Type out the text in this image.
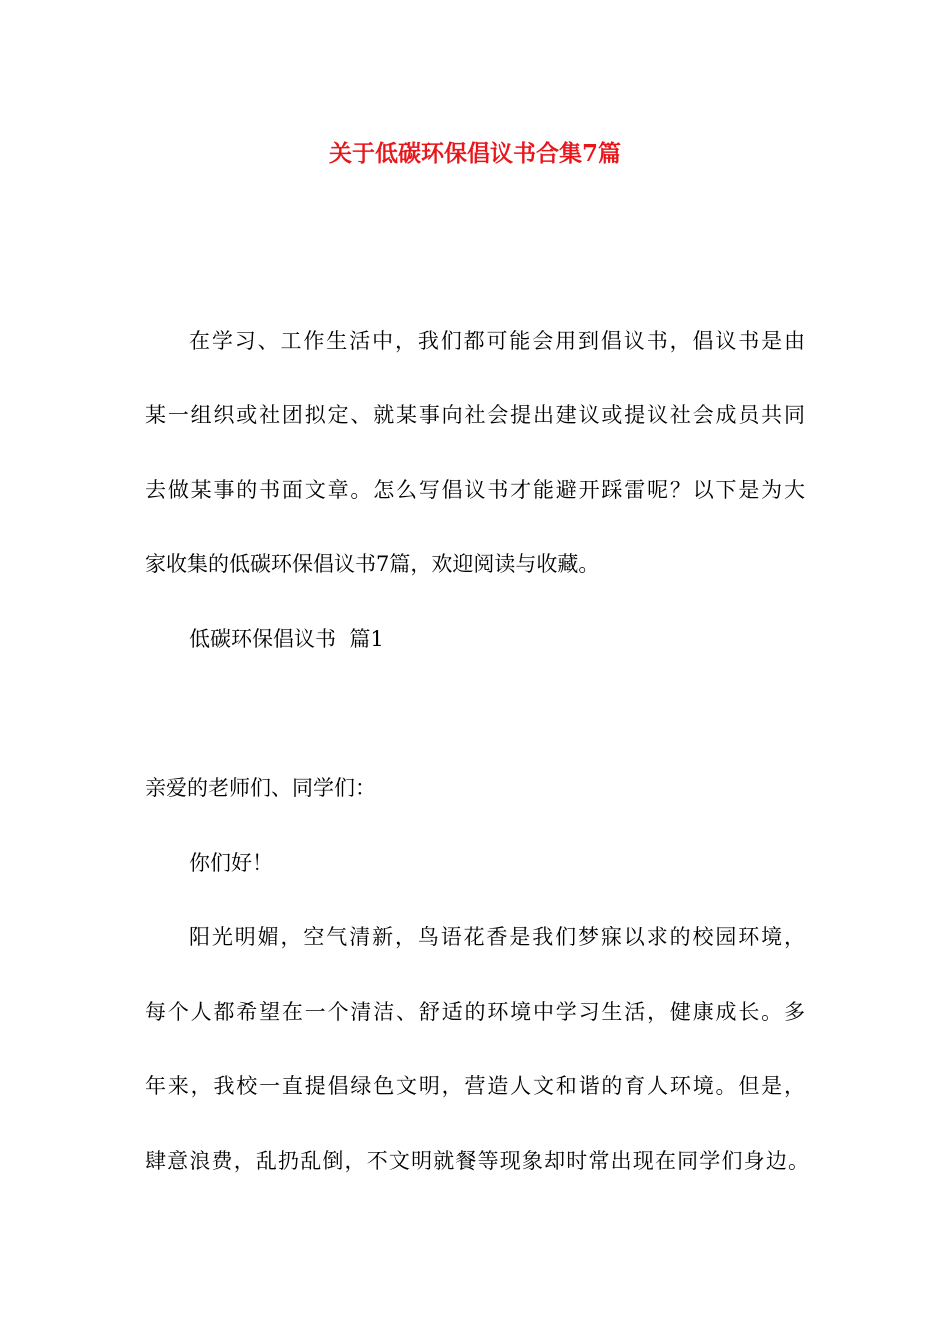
关于低碳环保倡议书合集7篇
在学习、工作生活中，我们都可能会用到倡议书，倡议书是由
某一组织或社团拟定、就某事向社会提出建议或提议社会成员共同
去做某事的书面文章。怎么写倡议书才能避开踩雷呢？以下是为大
家收集的低碳环保倡议书7篇，欢迎阅读与收藏。
低碳环保倡议书  篇1
亲爱的老师们、同学们：
你们好！
阳光明媚，空气清新，鸟语花香是我们梦寐以求的校园环境，
每个人都希望在一个清洁、舒适的环境中学习生活，健康成长。多
年来，我校一直提倡绿色文明，营造人文和谐的育人环境。但是，
肆意浪费，乱扔乱倒，不文明就餐等现象却时常出现在同学们身边。
